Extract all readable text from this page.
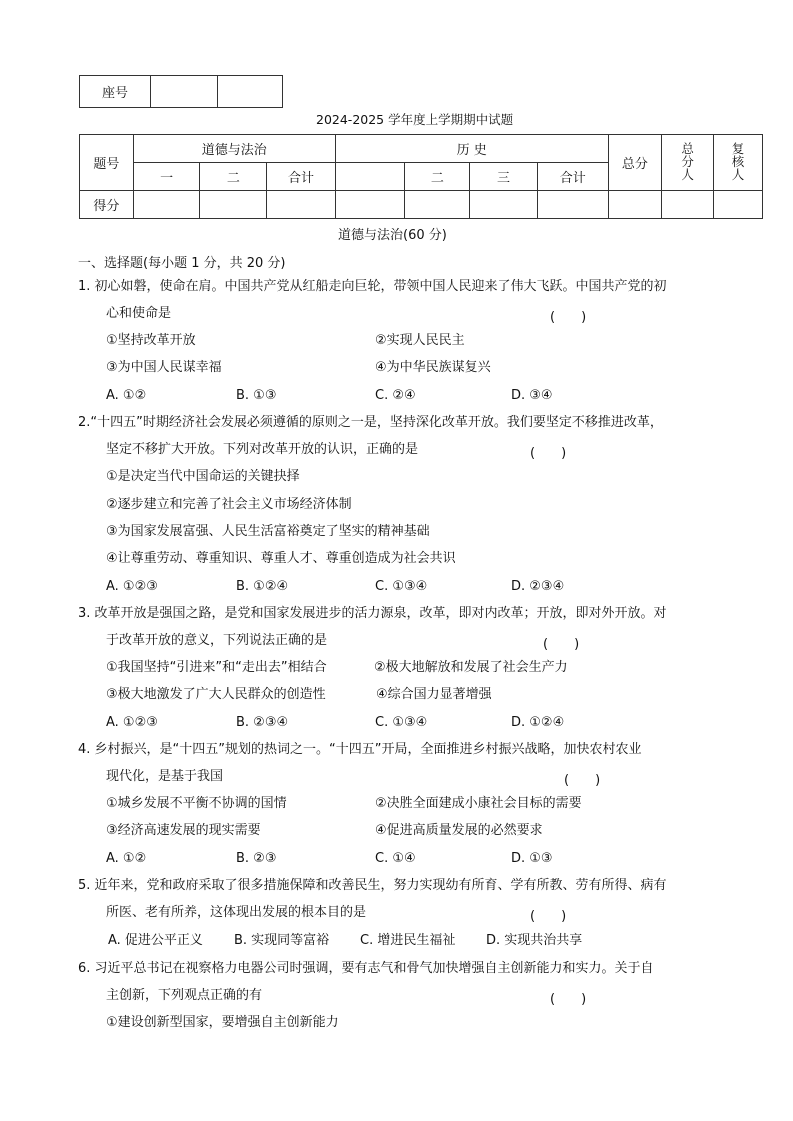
座号		
2024-2025 学年度上学期期中试题
题号	道德与法治			历 史				总分	总分人	复核人
	一	二	合计		二	三	合计			
得分										
道德与法治(60 分)
一、选择题(每小题 1 分，共 20 分)
1. 初心如磐，使命在肩。中国共产党从红船走向巨轮，带领中国人民迎来了伟大飞跃。中国共产党的初
心和使命是	(　　)
①坚持改革开放	②实现人民民主
③为中国人民谋幸福	④为中华民族谋复兴
A. ①②	B. ①③	C. ②④	D. ③④
2.“十四五”时期经济社会发展必须遵循的原则之一是，坚持深化改革开放。我们要坚定不移推进改革，
坚定不移扩大开放。下列对改革开放的认识，正确的是	(　　)
①是决定当代中国命运的关键抉择
②逐步建立和完善了社会主义市场经济体制
③为国家发展富强、人民生活富裕奠定了坚实的精神基础
④让尊重劳动、尊重知识、尊重人才、尊重创造成为社会共识
A. ①②③	B. ①②④	C. ①③④	D. ②③④
3. 改革开放是强国之路，是党和国家发展进步的活力源泉，改革，即对内改革；开放，即对外开放。对
于改革开放的意义，下列说法正确的是	(　　)
①我国坚持“引进来”和“走出去”相结合	②极大地解放和发展了社会生产力
③极大地激发了广大人民群众的创造性	④综合国力显著增强
A. ①②③	B. ②③④	C. ①③④	D. ①②④
4. 乡村振兴，是“十四五”规划的热词之一。“十四五”开局，全面推进乡村振兴战略，加快农村农业
现代化，是基于我国	(　　)
①城乡发展不平衡不协调的国情	②决胜全面建成小康社会目标的需要
③经济高速发展的现实需要	④促进高质量发展的必然要求
A. ①②	B. ②③	C. ①④	D. ①③
5. 近年来，党和政府采取了很多措施保障和改善民生，努力实现幼有所育、学有所教、劳有所得、病有
所医、老有所养，这体现出发展的根本目的是	(　　)
A. 促进公平正义 B. 实现同等富裕 C. 增进民生福祉 D. 实现共治共享
6. 习近平总书记在视察格力电器公司时强调，要有志气和骨气加快增强自主创新能力和实力。关于自
主创新，下列观点正确的有	(　　)
①建设创新型国家，要增强自主创新能力
